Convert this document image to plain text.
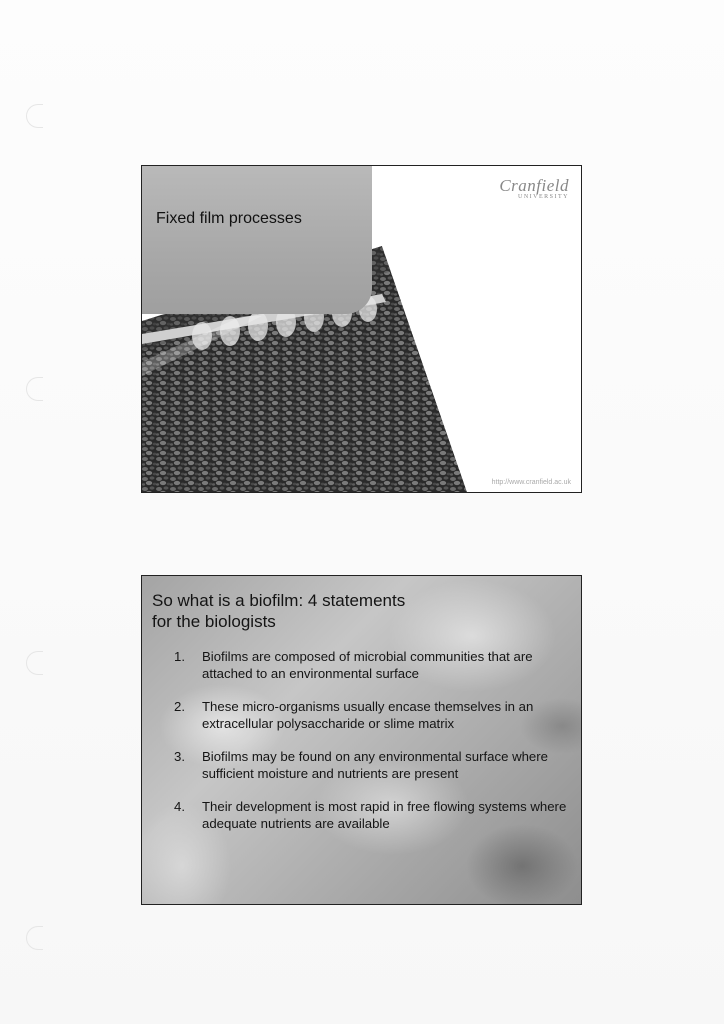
Fixed film processes
Cranfield
UNIVERSITY
http://www.cranfield.ac.uk
So what is a biofilm: 4 statements
for the biologists
1.	Biofilms are composed of microbial communities that are attached to an environmental surface
2.	These micro-organisms usually encase themselves in an extracellular polysaccharide or slime matrix
3.	Biofilms may be found on any environmental surface where sufficient moisture and nutrients are present
4.	Their development is most rapid in free flowing systems where adequate nutrients are available
